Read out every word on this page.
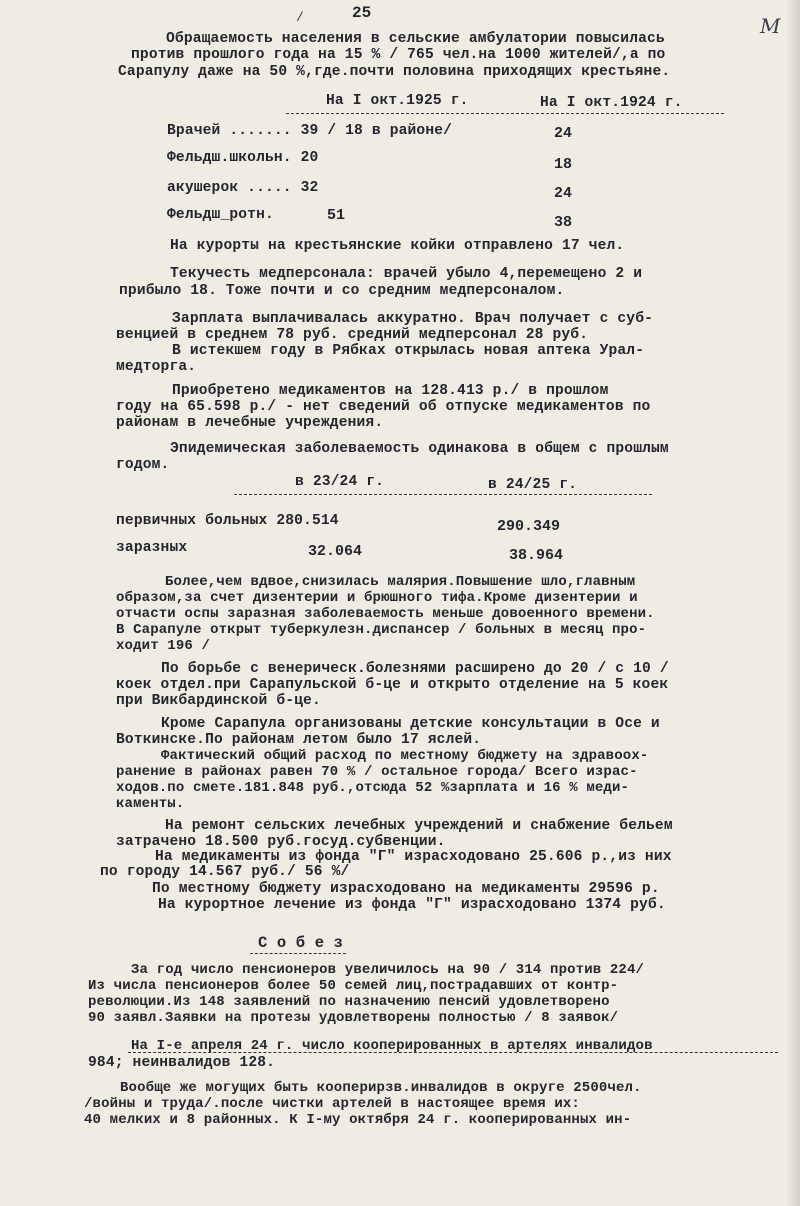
25
/	М
Обращаемость населения в сельские амбулатории повысилась
против прошлого года на 15 % / 765 чел.на 1000 жителей/,а по
Сарапулу даже на 50 %,где.почти половина приходящих крестьяне.
На I окт.1925 г.	На I окт.1924 г.
Врачей ....... 39 / 18 в районе/	24
Фельдш.школьн. 20	18
акушерок ..... 32	24
Фельдш_ротн.	51	38
На курорты на крестьянские койки отправлено 17 чел.
Текучесть медперсонала: врачей убыло 4,перемещено 2 и
прибыло 18. Тоже почти и со средним медперсоналом.
Зарплата выплачивалась аккуратно. Врач получает с суб-
венцией в среднем 78 руб. средний медперсонал 28 руб.
В истекшем году в Рябках открылась новая аптека Урал-
медторга.
Приобретено медикаментов на 128.413 р./ в прошлом
году на 65.598 р./ - нет сведений об отпуске медикаментов по
районам в лечебные учреждения.
Эпидемическая заболеваемость одинакова в общем с прошлым
годом.
в 23/24 г.	в 24/25 г.
первичных больных 280.514	290.349
заразных	32.064	38.964
Более,чем вдвое,снизилась малярия.Повышение шло,главным
образом,за счет дизентерии и брюшного тифа.Кроме дизентерии и
отчасти оспы заразная заболеваемость меньше довоенного времени.
В Сарапуле открыт туберкулезн.диспансер / больных в месяц про-
ходит 196 /
По борьбе с венерическ.болезнями расширено до 20 / с 10 /
коек отдел.при Сарапульской б-це и открыто отделение на 5 коек
при Викбардинской б-це.
Кроме Сарапула организованы детские консультации в Осе и
Воткинске.По районам летом было 17 яслей.
Фактический общий расход по местному бюджету на здравоох-
ранение в районах равен 70 % / остальное города/ Всего израс-
ходов.по смете.181.848 руб.,отсюда 52 %зарплата и 16 % меди-
каменты.
На ремонт сельских лечебных учреждений и снабжение бельем
затрачено 18.500 руб.госуд.субвенции.
На медикаменты из фонда "Г" израсходовано 25.606 р.,из них
по городу 14.567 руб./ 56 %/
По местному бюджету израсходовано на медикаменты 29596 р.
На курортное лечение из фонда "Г" израсходовано 1374 руб.
С о б е з
За год число пенсионеров увеличилось на 90 / 314 против 224/
Из числа пенсионеров более 50 семей лиц,пострадавших от контр-
революции.Из 148 заявлений по назначению пенсий удовлетворено
90 заявл.Заявки на протезы удовлетворены полностью / 8 заявок/
На I-е апреля 24 г. число кооперированных в артелях инвалидов
984; неинвалидов 128.
Вообще же могущих быть кооперирзв.инвалидов в округе 2500чел.
/войны и труда/.после чистки артелей в настоящее время их:
40 мелких и 8 районных. К I-му октября 24 г. кооперированных ин-
